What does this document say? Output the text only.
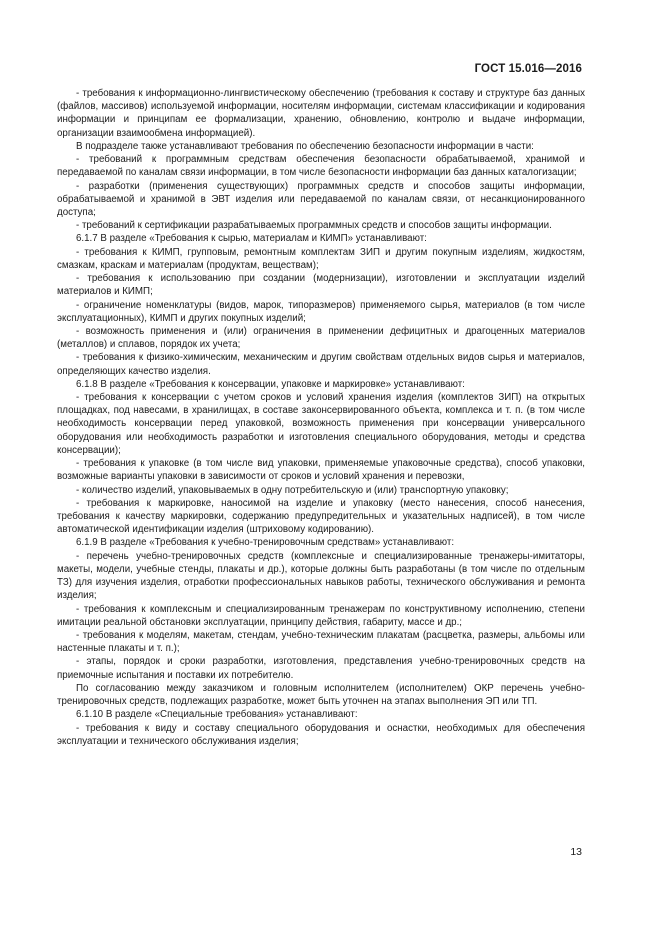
ГОСТ 15.016—2016

- требования к информационно-лингвистическому обеспечению (требования к составу и структуре баз данных (файлов, массивов) используемой информации, носителям информации, системам классификации и кодирования информации и принципам ее формализации, хранению, обновлению, контролю и выдаче информации, организации взаимообмена информацией).

В подразделе также устанавливают требования по обеспечению безопасности информации в части:

- требований к программным средствам обеспечения безопасности обрабатываемой, хранимой и передаваемой по каналам связи информации, в том числе безопасности информации баз данных каталогизации;

- разработки (применения существующих) программных средств и способов защиты информации, обрабатываемой и хранимой в ЭВТ изделия или передаваемой по каналам связи, от несанкционированного доступа;

- требований к сертификации разрабатываемых программных средств и способов защиты информации.

6.1.7 В разделе «Требования к сырью, материалам и КИМП» устанавливают:

- требования к КИМП, групповым, ремонтным комплектам ЗИП и другим покупным изделиям, жидкостям, смазкам, краскам и материалам (продуктам, веществам);

- требования к использованию при создании (модернизации), изготовлении и эксплуатации изделий материалов и КИМП;

- ограничение номенклатуры (видов, марок, типоразмеров) применяемого сырья, материалов (в том числе эксплуатационных), КИМП и других покупных изделий;

- возможность применения и (или) ограничения в применении дефицитных и драгоценных материалов (металлов) и сплавов, порядок их учета;

- требования к физико-химическим, механическим и другим свойствам отдельных видов сырья и материалов, определяющих качество изделия.

6.1.8 В разделе «Требования к консервации, упаковке и маркировке» устанавливают:

- требования к консервации с учетом сроков и условий хранения изделия (комплектов ЗИП) на открытых площадках, под навесами, в хранилищах, в составе законсервированного объекта, комплекса и т. п. (в том числе необходимость консервации перед упаковкой, возможность применения при консервации универсального оборудования или необходимость разработки и изготовления специального оборудования, методы и средства консервации);

- требования к упаковке (в том числе вид упаковки, применяемые упаковочные средства), способ упаковки, возможные варианты упаковки в зависимости от сроков и условий хранения и перевозки,

- количество изделий, упаковываемых в одну потребительскую и (или) транспортную упаковку;

- требования к маркировке, наносимой на изделие и упаковку (место нанесения, способ нанесения, требования к качеству маркировки, содержанию предупредительных и указательных надписей), в том числе автоматической идентификации изделия (штриховому кодированию).

6.1.9 В разделе «Требования к учебно-тренировочным средствам» устанавливают:

- перечень учебно-тренировочных средств (комплексные и специализированные тренажеры-имитаторы, макеты, модели, учебные стенды, плакаты и др.), которые должны быть разработаны (в том числе по отдельным ТЗ) для изучения изделия, отработки профессиональных навыков работы, технического обслуживания и ремонта изделия;

- требования к комплексным и специализированным тренажерам по конструктивному исполнению, степени имитации реальной обстановки эксплуатации, принципу действия, габариту, массе и др.;

- требования к моделям, макетам, стендам, учебно-техническим плакатам (расцветка, размеры, альбомы или настенные плакаты и т. п.);

- этапы, порядок и сроки разработки, изготовления, представления учебно-тренировочных средств на приемочные испытания и поставки их потребителю.

По согласованию между заказчиком и головным исполнителем (исполнителем) ОКР перечень учебно-тренировочных средств, подлежащих разработке, может быть уточнен на этапах выполнения ЭП или ТП.

6.1.10 В разделе «Специальные требования» устанавливают:

- требования к виду и составу специального оборудования и оснастки, необходимых для обеспечения эксплуатации и технического обслуживания изделия;

13
